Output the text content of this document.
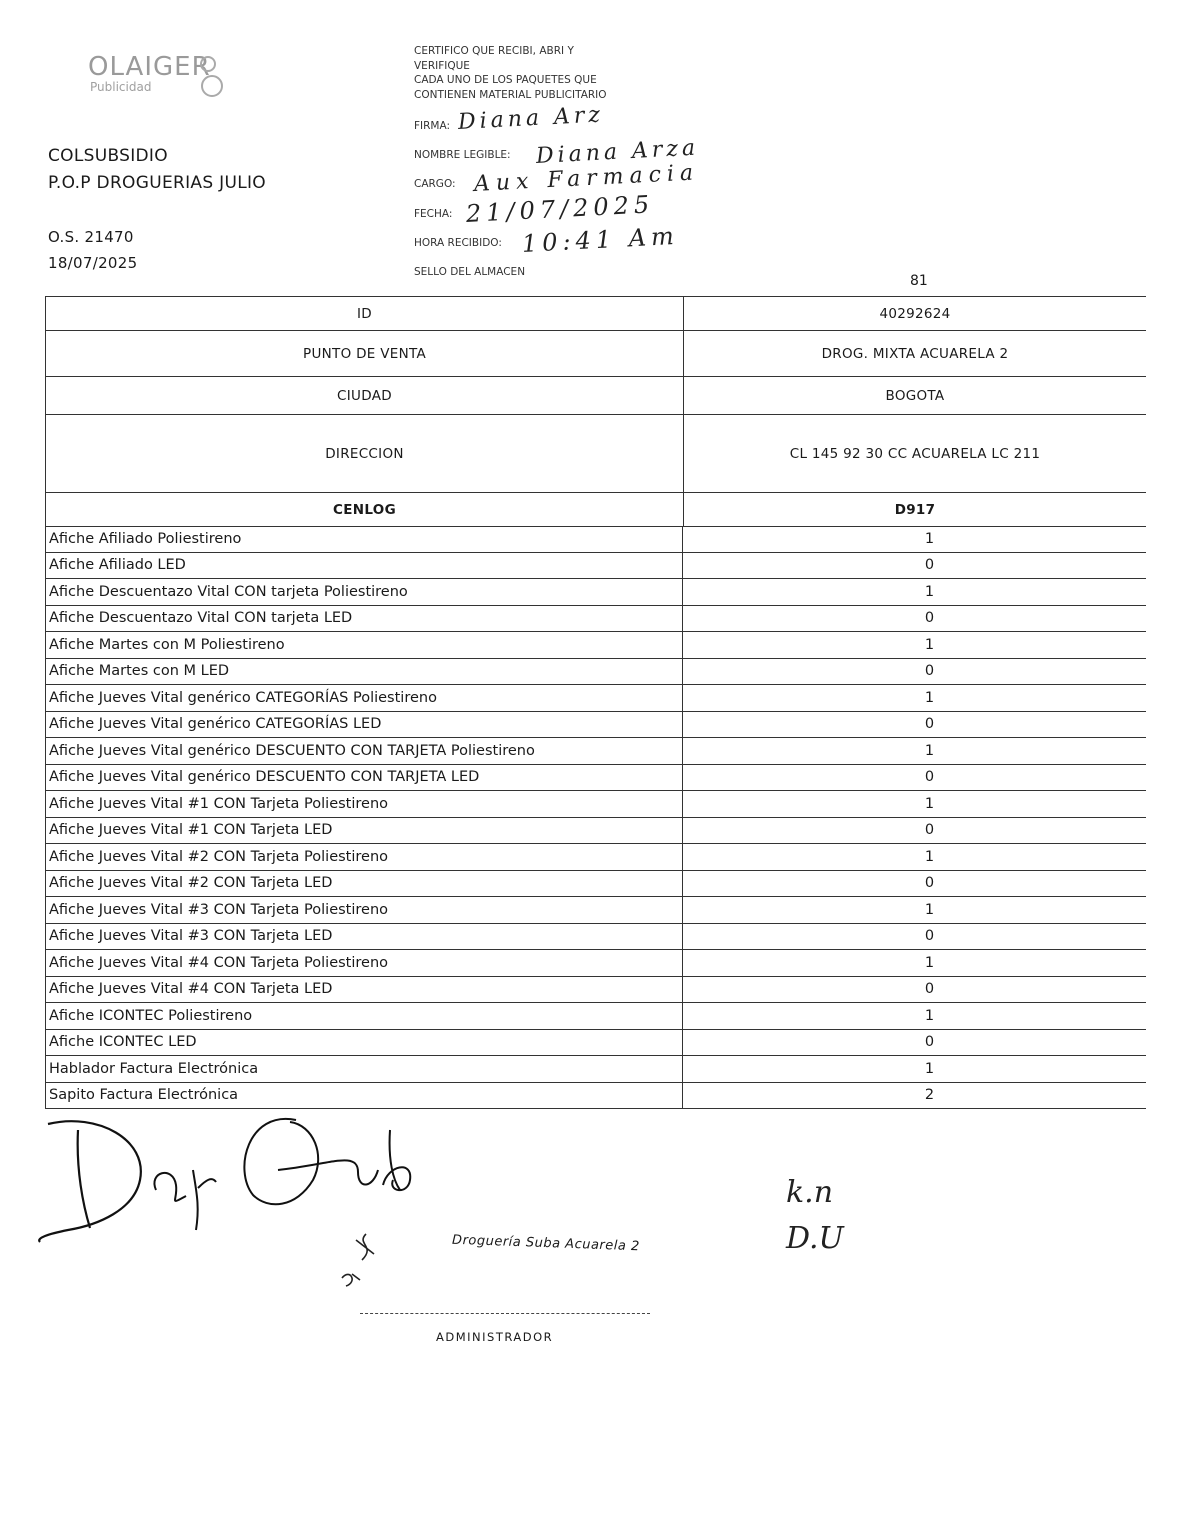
OLAIGER
Publicidad
COLSUBSIDIO
P.O.P DROGUERIAS JULIO
O.S. 21470
18/07/2025
CERTIFICO QUE RECIBI, ABRI Y
VERIFIQUE
CADA UNO DE LOS PAQUETES QUE
CONTIENEN MATERIAL PUBLICITARIO
FIRMA: Diana Arz
NOMBRE LEGIBLE: Diana Arza
CARGO: Aux Farmacia
FECHA: 21/07/2025
HORA RECIBIDO: 10:41 Am
SELLO DEL ALMACEN
81
ID	40292624
PUNTO DE VENTA	DROG. MIXTA ACUARELA 2
CIUDAD	BOGOTA
DIRECCION	CL 145 92 30 CC ACUARELA LC 211
CENLOG	D917
Afiche Afiliado Poliestireno	1
Afiche Afiliado LED	0
Afiche Descuentazo Vital CON tarjeta Poliestireno	1
Afiche Descuentazo Vital CON tarjeta LED	0
Afiche Martes con M Poliestireno	1
Afiche Martes con M LED	0
Afiche Jueves Vital genérico CATEGORÍAS Poliestireno	1
Afiche Jueves Vital genérico CATEGORÍAS LED	0
Afiche Jueves Vital genérico DESCUENTO CON TARJETA Poliestireno	1
Afiche Jueves Vital genérico DESCUENTO CON TARJETA LED	0
Afiche Jueves Vital #1 CON Tarjeta Poliestireno	1
Afiche Jueves Vital #1 CON Tarjeta LED	0
Afiche Jueves Vital #2 CON Tarjeta Poliestireno	1
Afiche Jueves Vital #2 CON Tarjeta LED	0
Afiche Jueves Vital #3 CON Tarjeta Poliestireno	1
Afiche Jueves Vital #3 CON Tarjeta LED	0
Afiche Jueves Vital #4 CON Tarjeta Poliestireno	1
Afiche Jueves Vital #4 CON Tarjeta LED	0
Afiche ICONTEC Poliestireno	1
Afiche ICONTEC LED	0
Hablador Factura Electrónica	1
Sapito Factura Electrónica	2
Droguería Suba Acuarela 2
ADMINISTRADOR
k.n
D.U
